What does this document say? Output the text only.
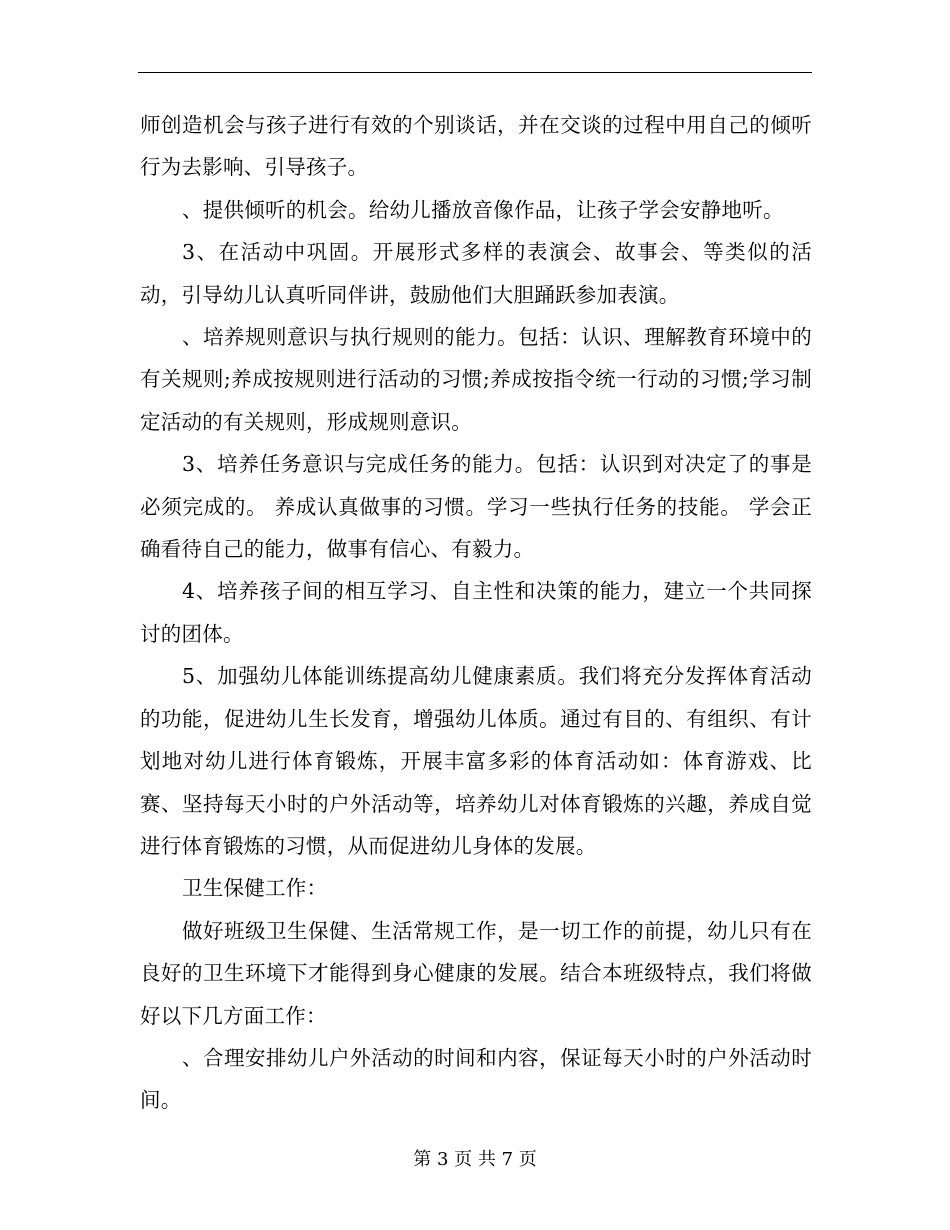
师创造机会与孩子进行有效的个别谈话，并在交谈的过程中用自己的倾听行为去影响、引导孩子。

、提供倾听的机会。给幼儿播放音像作品，让孩子学会安静地听。

3、在活动中巩固。开展形式多样的表演会、故事会、等类似的活动，引导幼儿认真听同伴讲，鼓励他们大胆踊跃参加表演。

、培养规则意识与执行规则的能力。包括：认识、理解教育环境中的有关规则;养成按规则进行活动的习惯;养成按指令统一行动的习惯;学习制定活动的有关规则，形成规则意识。

3、培养任务意识与完成任务的能力。包括：认识到对决定了的事是必须完成的。 养成认真做事的习惯。学习一些执行任务的技能。 学会正确看待自己的能力，做事有信心、有毅力。

4、培养孩子间的相互学习、自主性和决策的能力，建立一个共同探讨的团体。

5、加强幼儿体能训练提高幼儿健康素质。我们将充分发挥体育活动的功能，促进幼儿生长发育，增强幼儿体质。通过有目的、有组织、有计划地对幼儿进行体育锻炼，开展丰富多彩的体育活动如：体育游戏、比赛、坚持每天小时的户外活动等，培养幼儿对体育锻炼的兴趣，养成自觉进行体育锻炼的习惯，从而促进幼儿身体的发展。

卫生保健工作：

做好班级卫生保健、生活常规工作，是一切工作的前提，幼儿只有在良好的卫生环境下才能得到身心健康的发展。结合本班级特点，我们将做好以下几方面工作：

、合理安排幼儿户外活动的时间和内容，保证每天小时的户外活动时间。

第 3 页 共 7 页
